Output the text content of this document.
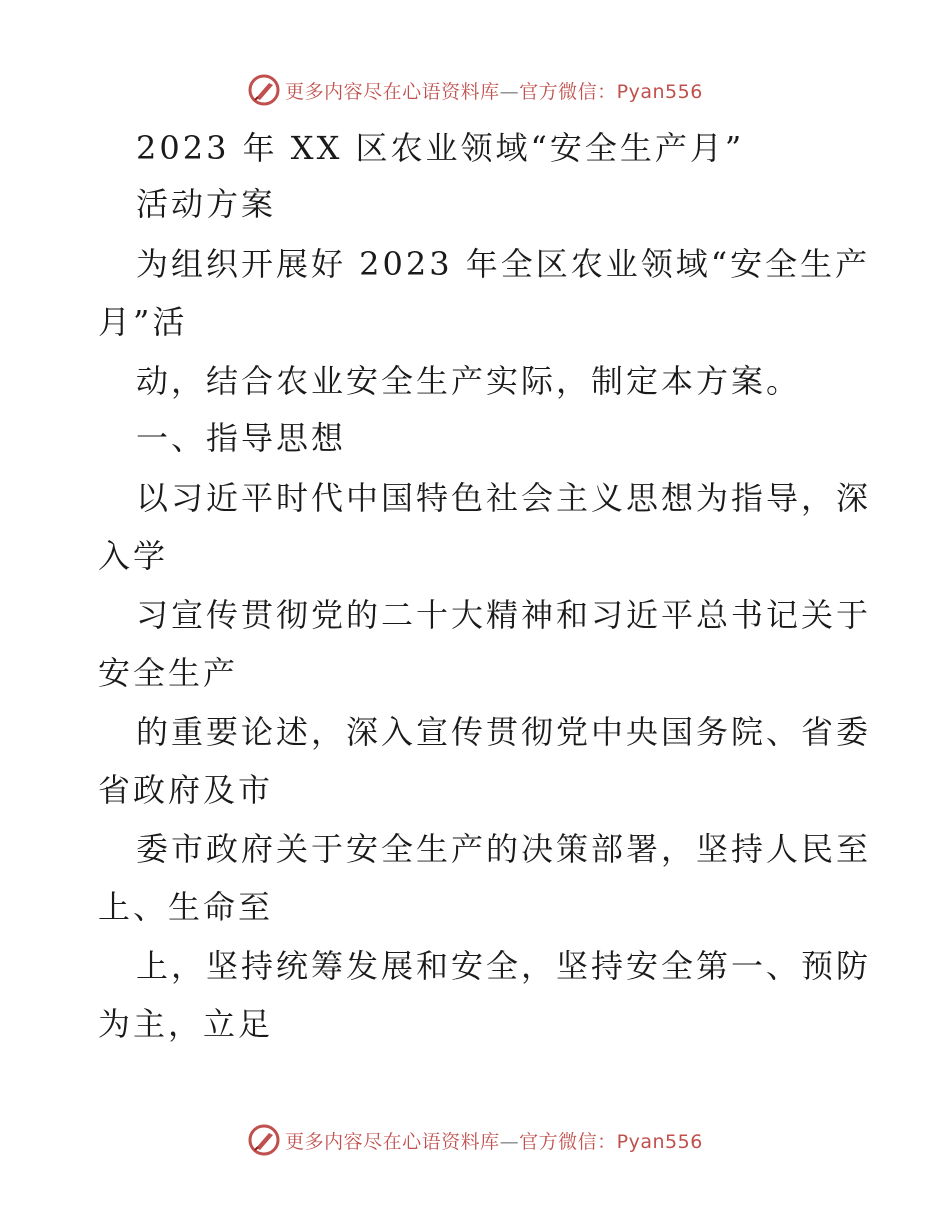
更多内容尽在心语资料库—官方微信：Pyan556
2023 年 XX 区农业领域“安全生产月”
活动方案
为组织开展好 2023 年全区农业领域“安全生产
月”活
动，结合农业安全生产实际，制定本方案。
一、指导思想
以习近平时代中国特色社会主义思想为指导，深
入学
习宣传贯彻党的二十大精神和习近平总书记关于
安全生产
的重要论述，深入宣传贯彻党中央国务院、省委
省政府及市
委市政府关于安全生产的决策部署，坚持人民至
上、生命至
上，坚持统筹发展和安全，坚持安全第一、预防
为主，立足
更多内容尽在心语资料库—官方微信：Pyan556
